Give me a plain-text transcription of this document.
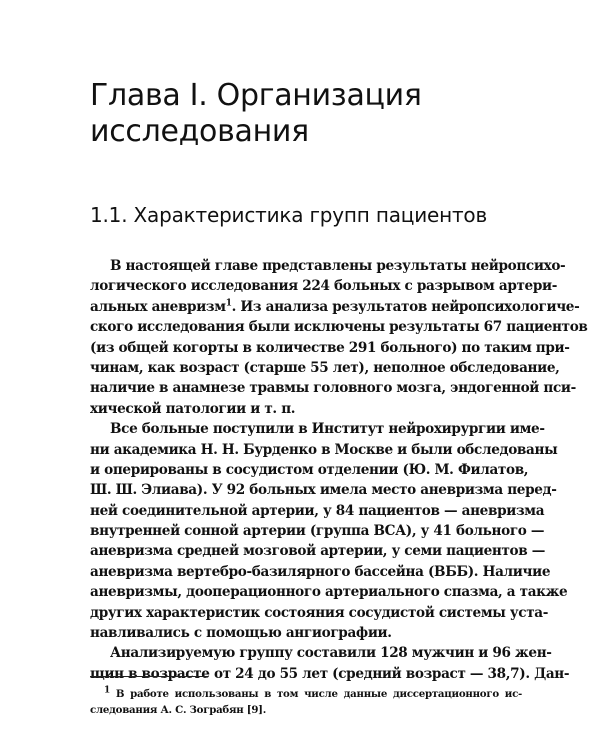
Глава I. Организация
исследования
1.1. Характеристика групп пациентов

В настоящей главе представлены результаты нейропсихо-
логического исследования 224 больных с разрывом артери-
альных аневризм$^1$. Из анализа результатов нейропсихологиче-
ского исследования были исключены результаты 67 пациентов
(из общей когорты в количестве 291 больного) по таким при-
чинам, как возраст (старше 55 лет), неполное обследование,
наличие в анамнезе травмы головного мозга, эндогенной пси-
хической патологии и т. п.

Все больные поступили в Институт нейрохирургии име-
ни академика Н. Н. Бурденко в Москве и были обследованы
и оперированы в сосудистом отделении (Ю. М. Филатов,
Ш. Ш. Элиава). У 92 больных имела место аневризма перед-
ней соединительной артерии, у 84 пациентов — аневризма
внутренней сонной артерии (группа ВСА), у 41 больного —
аневризма средней мозговой артерии, у семи пациентов —
аневризма вертебро-базилярного бассейна (ВББ). Наличие
аневризмы, дооперационного артериального спазма, а также
других характеристик состояния сосудистой системы уста-
навливались с помощью ангиографии.

Анализируемую группу составили 128 мужчин и 96 жен-
щин в возрасте от 24 до 55 лет (средний возраст — 38,7). Дан-

$^1$ В работе использованы в том числе данные диссертационного ис-
следования А. С. Зограбян [9].
